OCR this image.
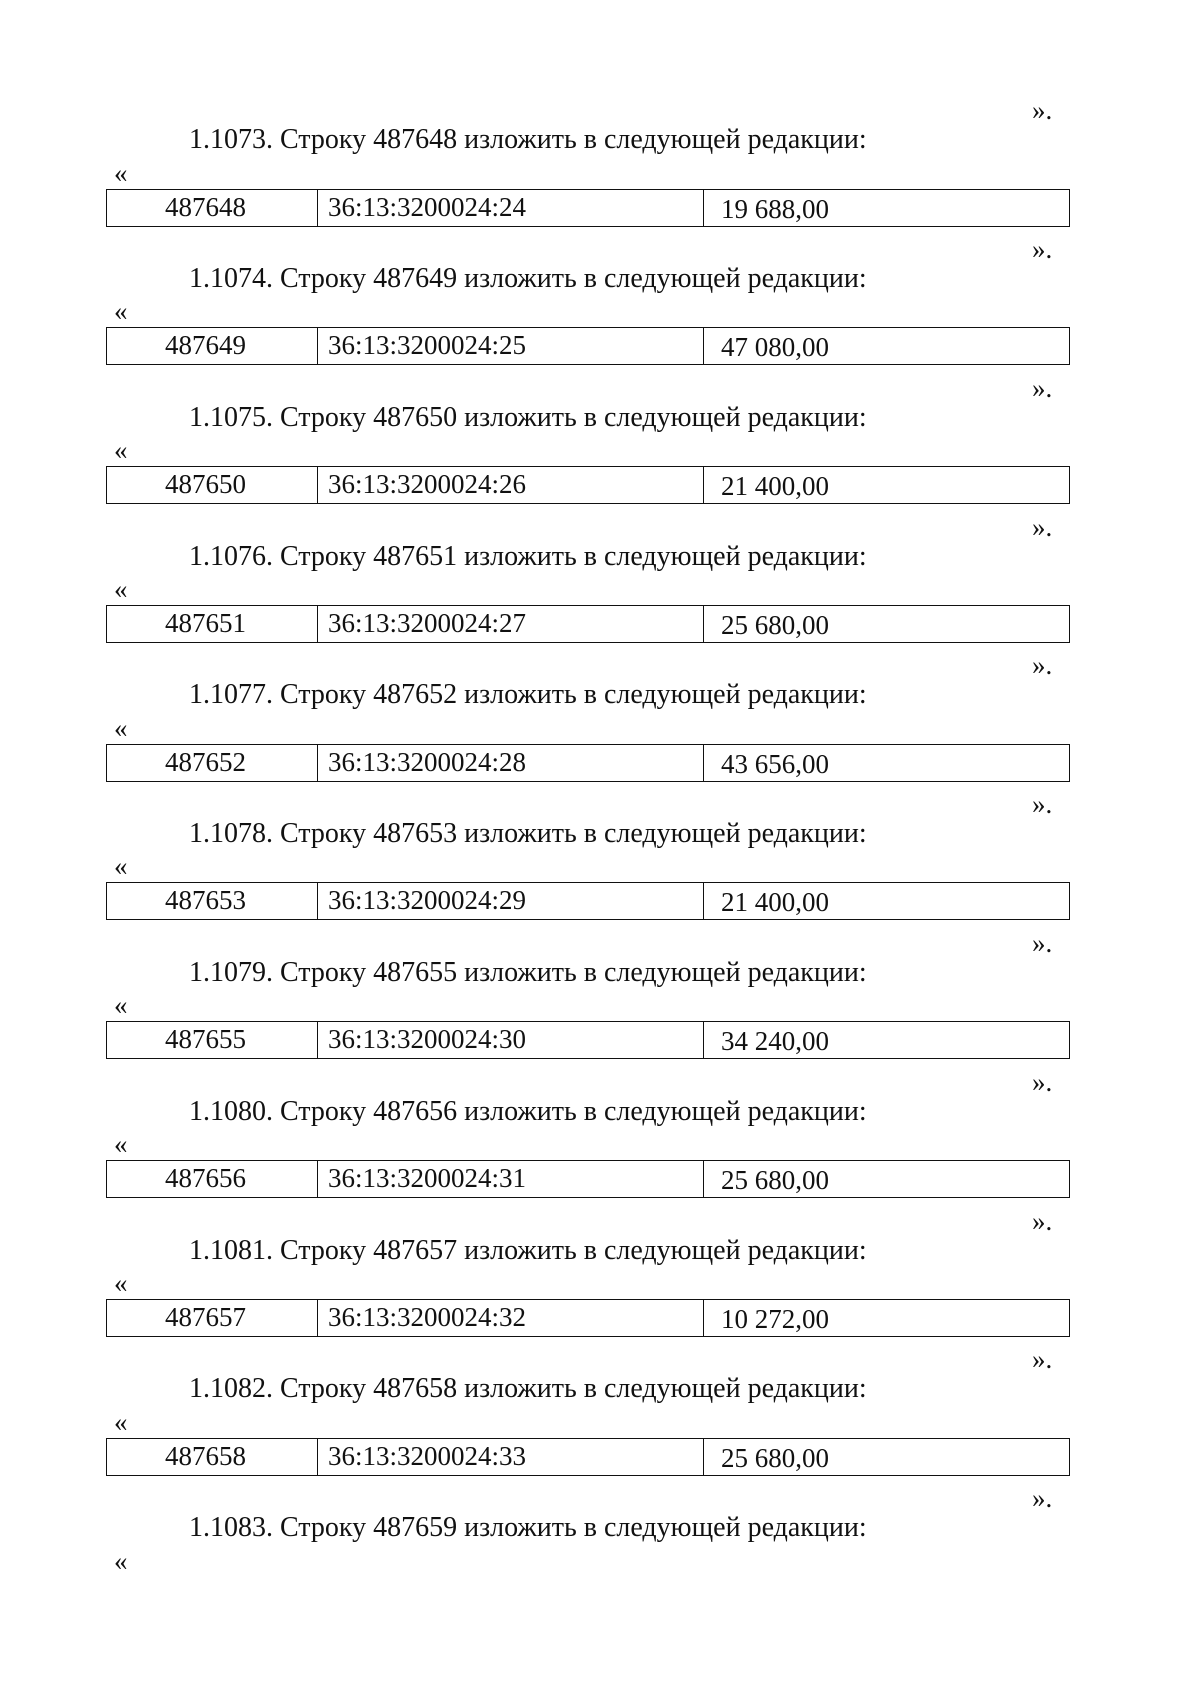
».
1.1073. Строку 487648 изложить в следующей редакции:
«
487648	36:13:3200024:24	19 688,00
».
1.1074. Строку 487649 изложить в следующей редакции:
«
487649	36:13:3200024:25	47 080,00
».
1.1075. Строку 487650 изложить в следующей редакции:
«
487650	36:13:3200024:26	21 400,00
».
1.1076. Строку 487651 изложить в следующей редакции:
«
487651	36:13:3200024:27	25 680,00
».
1.1077. Строку 487652 изложить в следующей редакции:
«
487652	36:13:3200024:28	43 656,00
».
1.1078. Строку 487653 изложить в следующей редакции:
«
487653	36:13:3200024:29	21 400,00
».
1.1079. Строку 487655 изложить в следующей редакции:
«
487655	36:13:3200024:30	34 240,00
».
1.1080. Строку 487656 изложить в следующей редакции:
«
487656	36:13:3200024:31	25 680,00
».
1.1081. Строку 487657 изложить в следующей редакции:
«
487657	36:13:3200024:32	10 272,00
».
1.1082. Строку 487658 изложить в следующей редакции:
«
487658	36:13:3200024:33	25 680,00
».
1.1083. Строку 487659 изложить в следующей редакции:
«
